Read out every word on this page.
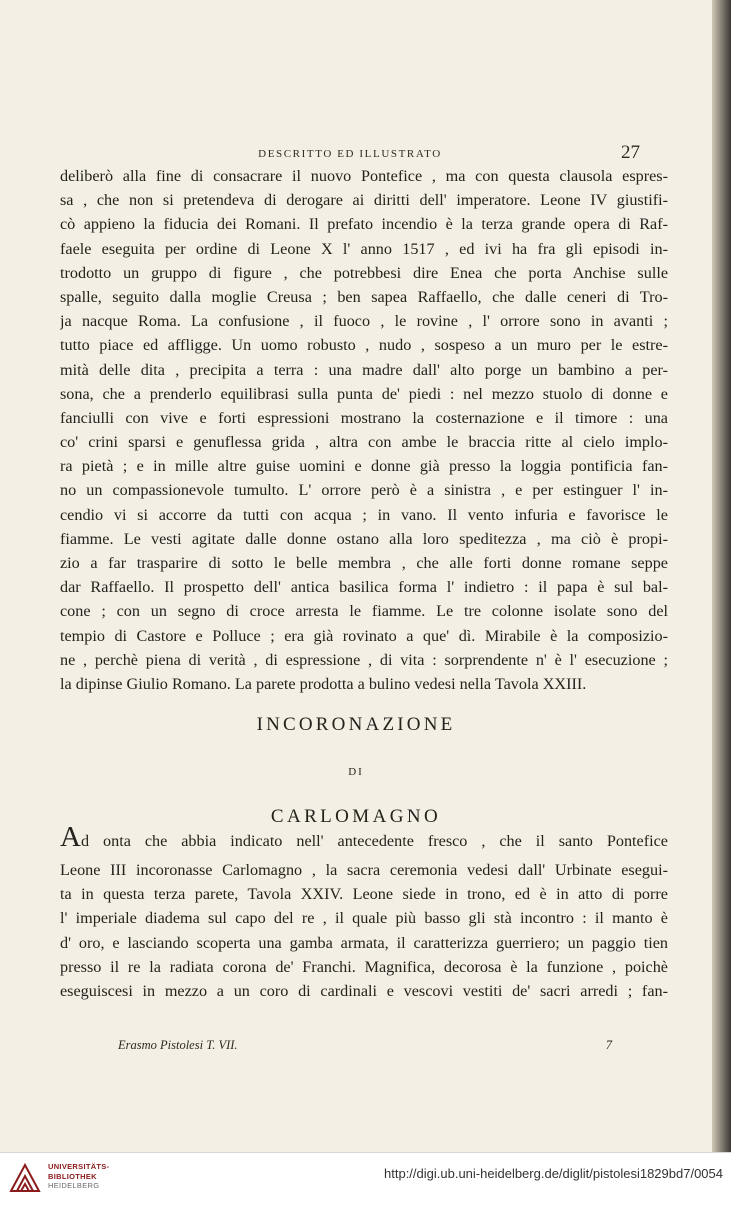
DESCRITTO ED ILLUSTRATO	27
deliberò alla fine di consacrare il nuovo Pontefice , ma con questa clausola espres-
sa , che non si pretendeva di derogare ai diritti dell' imperatore. Leone IV giustifi-
cò appieno la fiducia dei Romani. Il prefato incendio è la terza grande opera di Raf-
faele eseguita per ordine di Leone X l' anno 1517 , ed ivi ha fra gli episodi in-
trodotto un gruppo di figure , che potrebbesi dire Enea che porta Anchise sulle
spalle, seguito dalla moglie Creusa ; ben sapea Raffaello, che dalle ceneri di Tro-
ja nacque Roma. La confusione , il fuoco , le rovine , l' orrore sono in avanti ;
tutto piace ed affligge. Un uomo robusto , nudo , sospeso a un muro per le estre-
mità delle dita , precipita a terra : una madre dall' alto porge un bambino a per-
sona, che a prenderlo equilibrasi sulla punta de' piedi : nel mezzo stuolo di donne e
fanciulli con vive e forti espressioni mostrano la costernazione e il timore : una
co' crini sparsi e genuflessa grida , altra con ambe le braccia ritte al cielo implo-
ra pietà ; e in mille altre guise uomini e donne già presso la loggia pontificia fan-
no un compassionevole tumulto. L' orrore però è a sinistra , e per estinguer l' in-
cendio vi si accorre da tutti con acqua ; in vano. Il vento infuria e favorisce le
fiamme. Le vesti agitate dalle donne ostano alla loro speditezza , ma ciò è propi-
zio a far trasparire di sotto le belle membra , che alle forti donne romane seppe
dar Raffaello. Il prospetto dell' antica basilica forma l' indietro : il papa è sul bal-
cone ; con un segno di croce arresta le fiamme. Le tre colonne isolate sono del
tempio di Castore e Polluce ; era già rovinato a que' dì. Mirabile è la composizio-
ne , perchè piena di verità , di espressione , di vita : sorprendente n' è l' esecuzione ;
la dipinse Giulio Romano. La parete prodotta a bulino vedesi nella Tavola XXIII.
INCORONAZIONE
DI
CARLOMAGNO
Ad onta che abbia indicato nell' antecedente fresco , che il santo Pontefice
Leone III incoronasse Carlomagno , la sacra ceremonia vedesi dall' Urbinate esegui-
ta in questa terza parete, Tavola XXIV. Leone siede in trono, ed è in atto di porre
l' imperiale diadema sul capo del re , il quale più basso gli stà incontro : il manto è
d' oro, e lasciando scoperta una gamba armata, il caratterizza guerriero; un paggio tien
presso il re la radiata corona de' Franchi. Magnifica, decorosa è la funzione , poichè
eseguiscesi in mezzo a un coro di cardinali e vescovi vestiti de' sacri arredi ; fan-
Erasmo Pistolesi T. VII.	7
UNIVERSITÄTS-
BIBLIOTHEK
HEIDELBERG
http://digi.ub.uni-heidelberg.de/diglit/pistolesi1829bd7/0054
